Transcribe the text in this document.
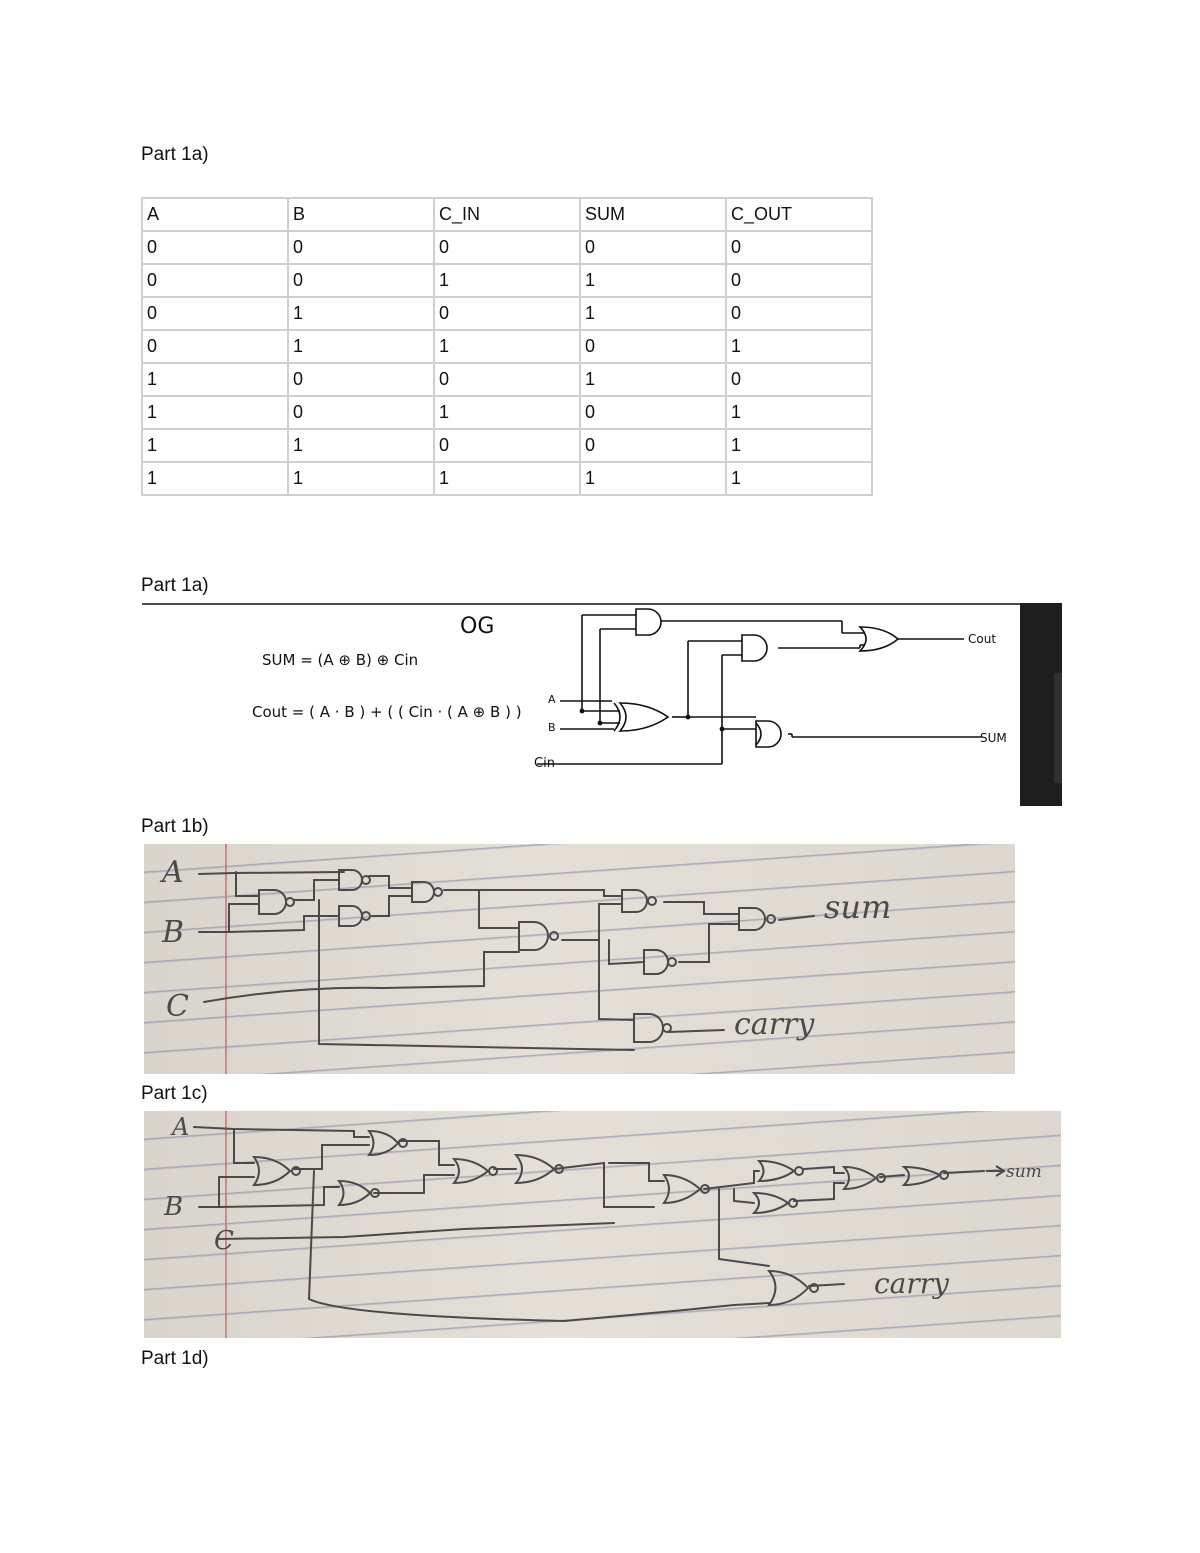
Part 1a)
A	B	C_IN	SUM	C_OUT
0	0	0	0	0
0	0	1	1	0
0	1	0	1	0
0	1	1	0	1
1	0	0	1	0
1	0	1	0	1
1	1	0	0	1
1	1	1	1	1
Part 1a)
OG
SUM = (A ⊕ B) ⊕ Cin
Cout = ( A · B ) + ( ( Cin · ( A ⊕ B ) )
A
B
Cin
Cout
SUM
Part 1b)
A
B
C
sum
carry
Part 1c)
A
B
C
sum
carry
Part 1d)
